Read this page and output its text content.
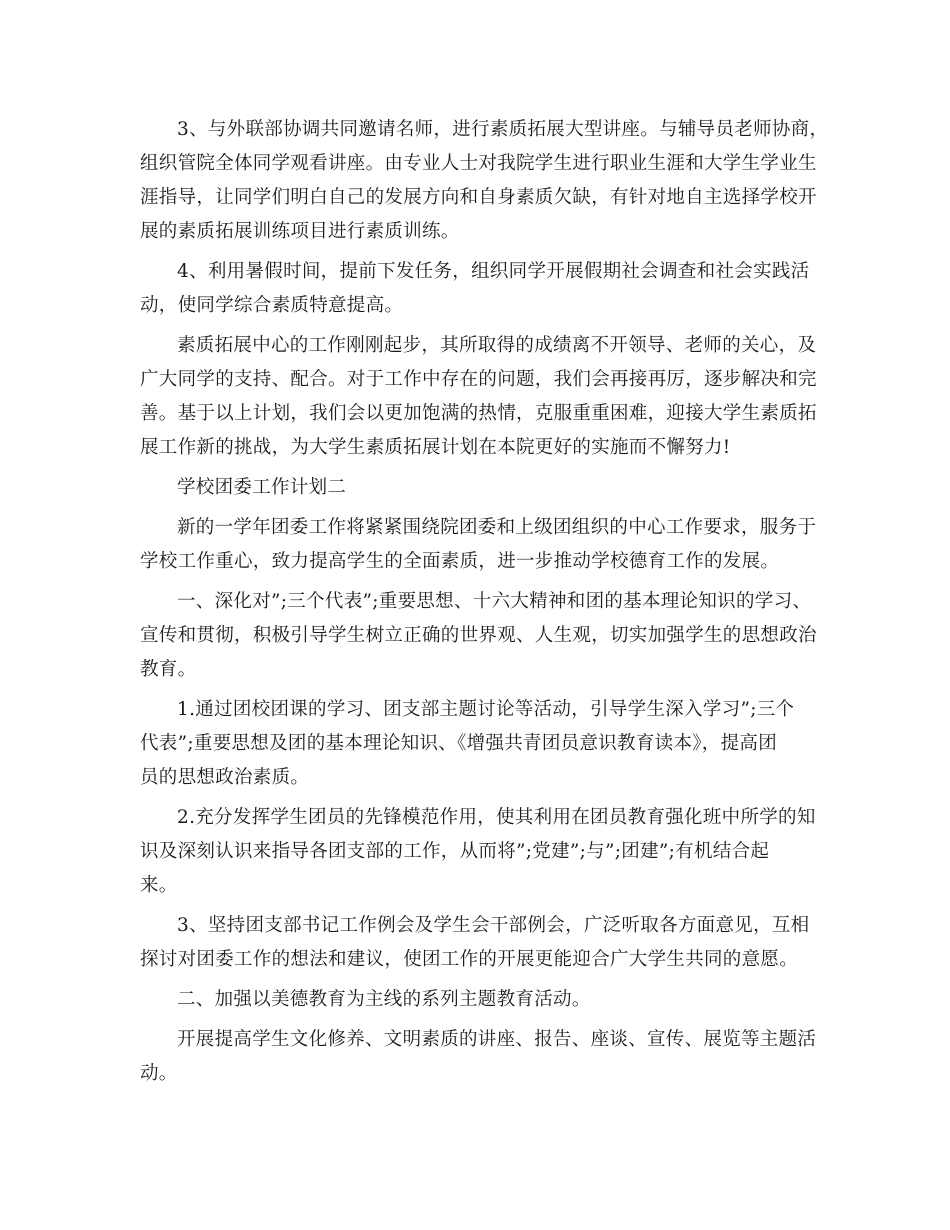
3、与外联部协调共同邀请名师，进行素质拓展大型讲座。与辅导员老师协商，
组织管院全体同学观看讲座。由专业人士对我院学生进行职业生涯和大学生学业生
涯指导，让同学们明白自己的发展方向和自身素质欠缺，有针对地自主选择学校开
展的素质拓展训练项目进行素质训练。

4、利用暑假时间，提前下发任务，组织同学开展假期社会调查和社会实践活
动，使同学综合素质特意提高。

素质拓展中心的工作刚刚起步，其所取得的成绩离不开领导、老师的关心，及
广大同学的支持、配合。对于工作中存在的问题，我们会再接再厉，逐步解决和完
善。基于以上计划，我们会以更加饱满的热情，克服重重困难，迎接大学生素质拓
展工作新的挑战，为大学生素质拓展计划在本院更好的实施而不懈努力!

学校团委工作计划二

新的一学年团委工作将紧紧围绕院团委和上级团组织的中心工作要求，服务于
学校工作重心，致力提高学生的全面素质，进一步推动学校德育工作的发展。

一、深化对”;三个代表”;重要思想、十六大精神和团的基本理论知识的学习、
宣传和贯彻，积极引导学生树立正确的世界观、人生观，切实加强学生的思想政治
教育。

1.通过团校团课的学习、团支部主题讨论等活动，引导学生深入学习”;三个
代表”;重要思想及团的基本理论知识、《增强共青团员意识教育读本》，提高团
员的思想政治素质。

2.充分发挥学生团员的先锋模范作用，使其利用在团员教育强化班中所学的知
识及深刻认识来指导各团支部的工作，从而将”;党建”;与”;团建”;有机结合起
来。

3、坚持团支部书记工作例会及学生会干部例会，广泛听取各方面意见，互相
探讨对团委工作的想法和建议，使团工作的开展更能迎合广大学生共同的意愿。

二、加强以美德教育为主线的系列主题教育活动。

开展提高学生文化修养、文明素质的讲座、报告、座谈、宣传、展览等主题活
动。
